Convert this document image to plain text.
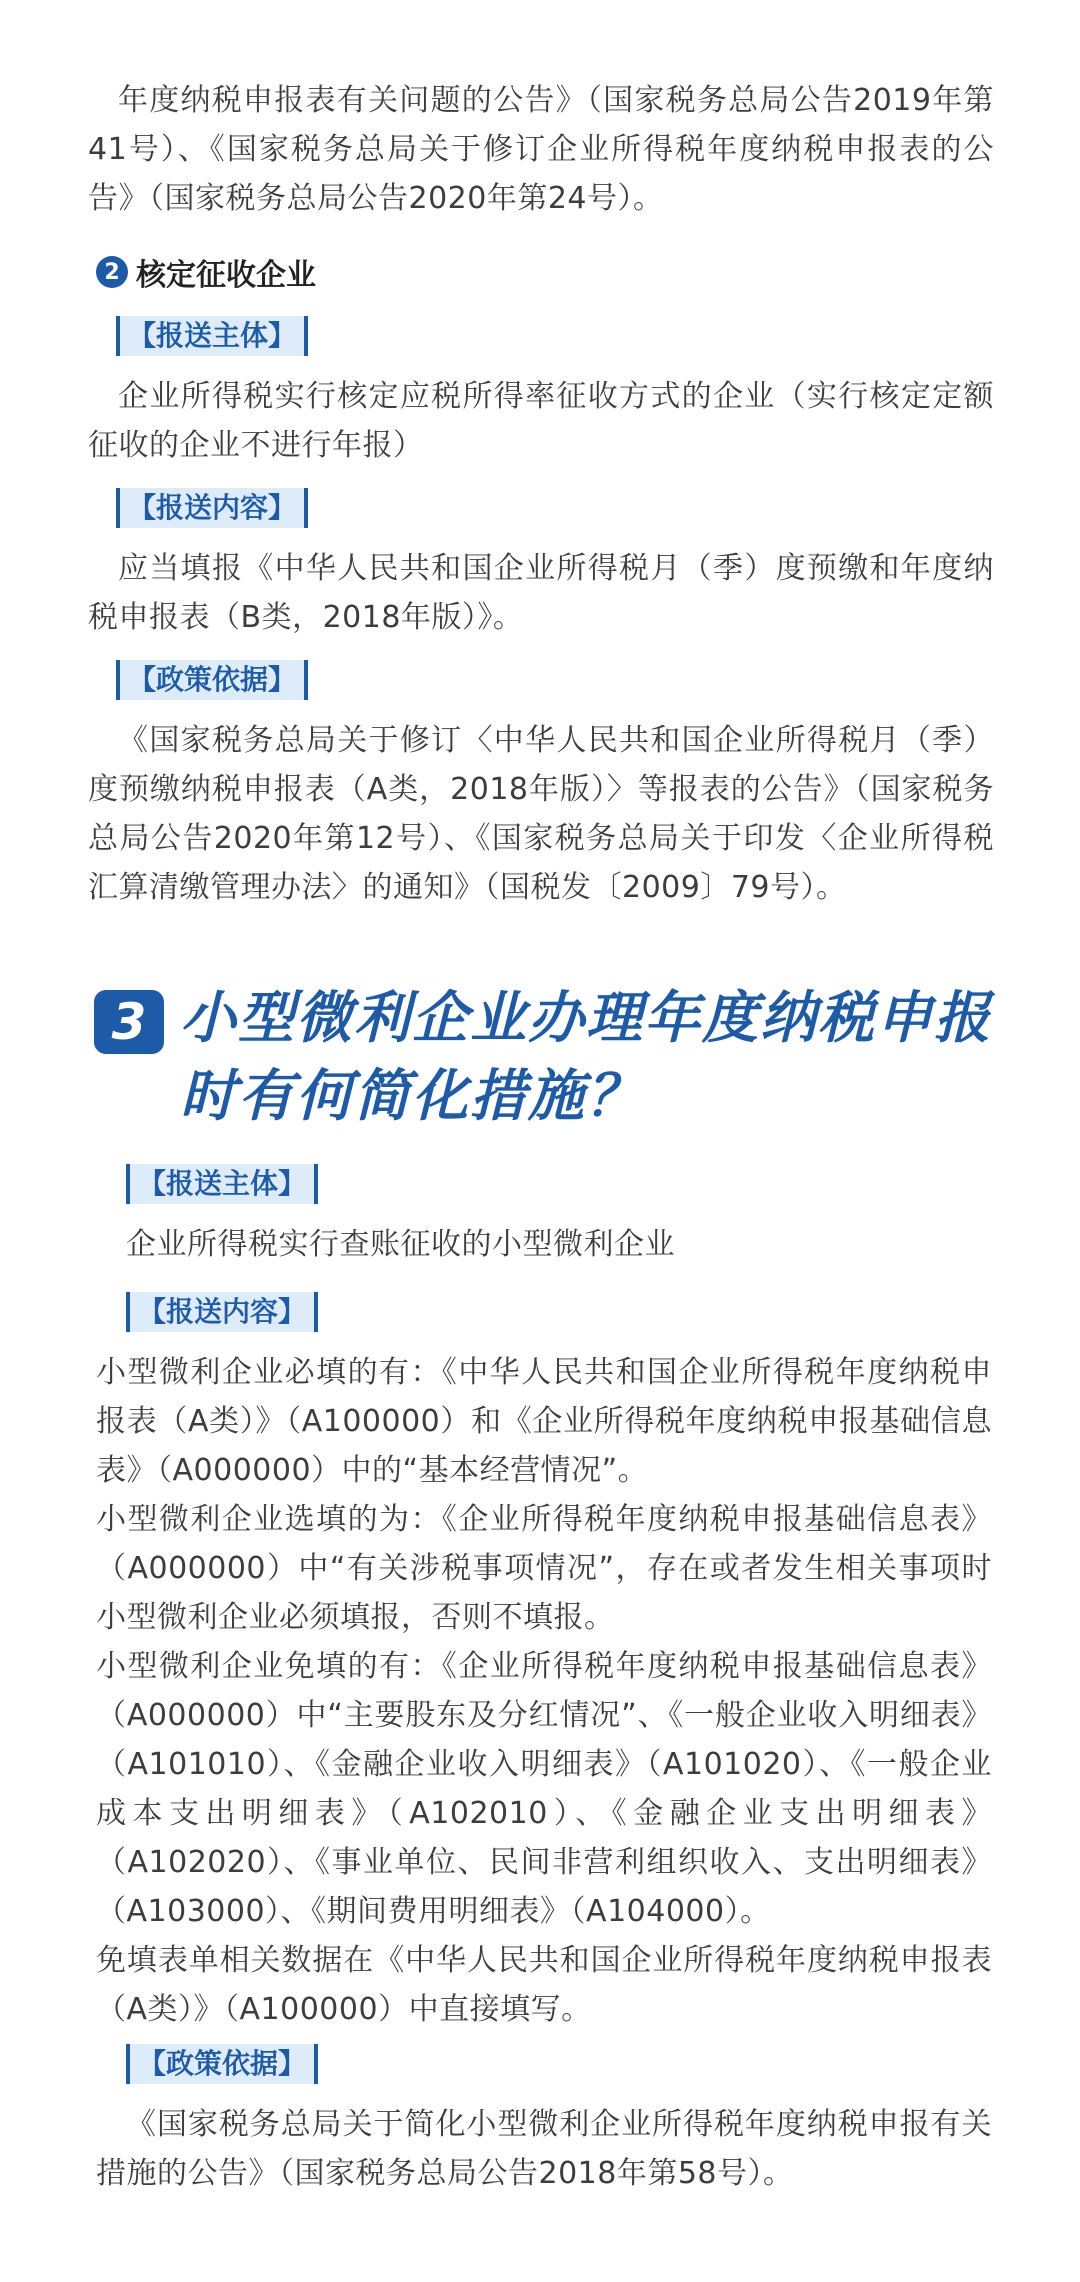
年度纳税申报表有关问题的公告》（国家税务总局公告2019年第41号）、《国家税务总局关于修订企业所得税年度纳税申报表的公告》（国家税务总局公告2020年第24号）。

2 核定征收企业
【报送主体】

企业所得税实行核定应税所得率征收方式的企业（实行核定定额征收的企业不进行年报）

【报送内容】

应当填报《中华人民共和国企业所得税月（季）度预缴和年度纳税申报表（B类，2018年版）》。

【政策依据】

《国家税务总局关于修订〈中华人民共和国企业所得税月（季）度预缴纳税申报表（A类，2018年版）〉等报表的公告》（国家税务总局公告2020年第12号）、《国家税务总局关于印发〈企业所得税汇算清缴管理办法〉的通知》（国税发〔2009〕79号）。

3 小型微利企业办理年度纳税申报时有何简化措施？

【报送主体】

企业所得税实行查账征收的小型微利企业

【报送内容】

小型微利企业必填的有：《中华人民共和国企业所得税年度纳税申报表（A类）》（A100000）和《企业所得税年度纳税申报基础信息表》（A000000）中的“基本经营情况”。

小型微利企业选填的为：《企业所得税年度纳税申报基础信息表》（A000000）中“有关涉税事项情况”，存在或者发生相关事项时小型微利企业必须填报，否则不填报。

小型微利企业免填的有：《企业所得税年度纳税申报基础信息表》（A000000）中“主要股东及分红情况”、《一般企业收入明细表》（A101010）、《金融企业收入明细表》（A101020）、《一般企业成本支出明细表》（A102010）、《金融企业支出明细表》（A102020）、《事业单位、民间非营利组织收入、支出明细表》（A103000）、《期间费用明细表》（A104000）。

免填表单相关数据在《中华人民共和国企业所得税年度纳税申报表（A类）》（A100000）中直接填写。

【政策依据】

《国家税务总局关于简化小型微利企业所得税年度纳税申报有关措施的公告》（国家税务总局公告2018年第58号）。
